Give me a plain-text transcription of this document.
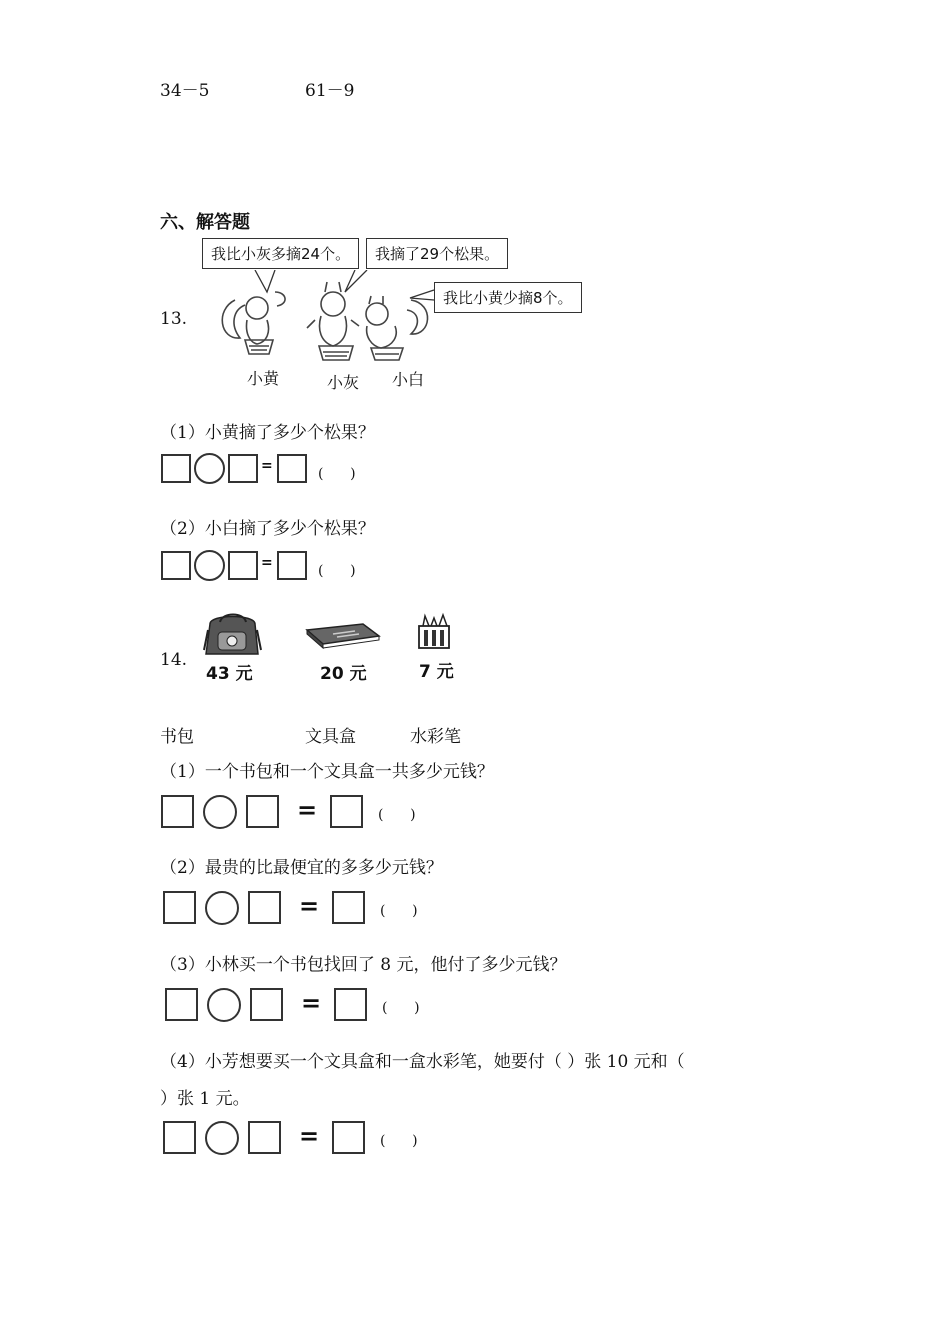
34－5	61－9
六、解答题
13.
我比小灰多摘24个。	我摘了29个松果。
我比小黄少摘8个。
小黄	小灰 小白
（1）小黄摘了多少个松果？
=	(      )
（2）小白摘了多少个松果？
=	(      )
14.
43 元	20 元	7 元
书包	文具盒	水彩笔
（1）一个书包和一个文具盒一共多少元钱？
=	(      )
（2）最贵的比最便宜的多多少元钱？
=	(      )
（3）小林买一个书包找回了 8 元，他付了多少元钱？
=	(      )
（4）小芳想要买一个文具盒和一盒水彩笔，她要付（ ）张 10 元和（
）张 1 元。
=	(      )
